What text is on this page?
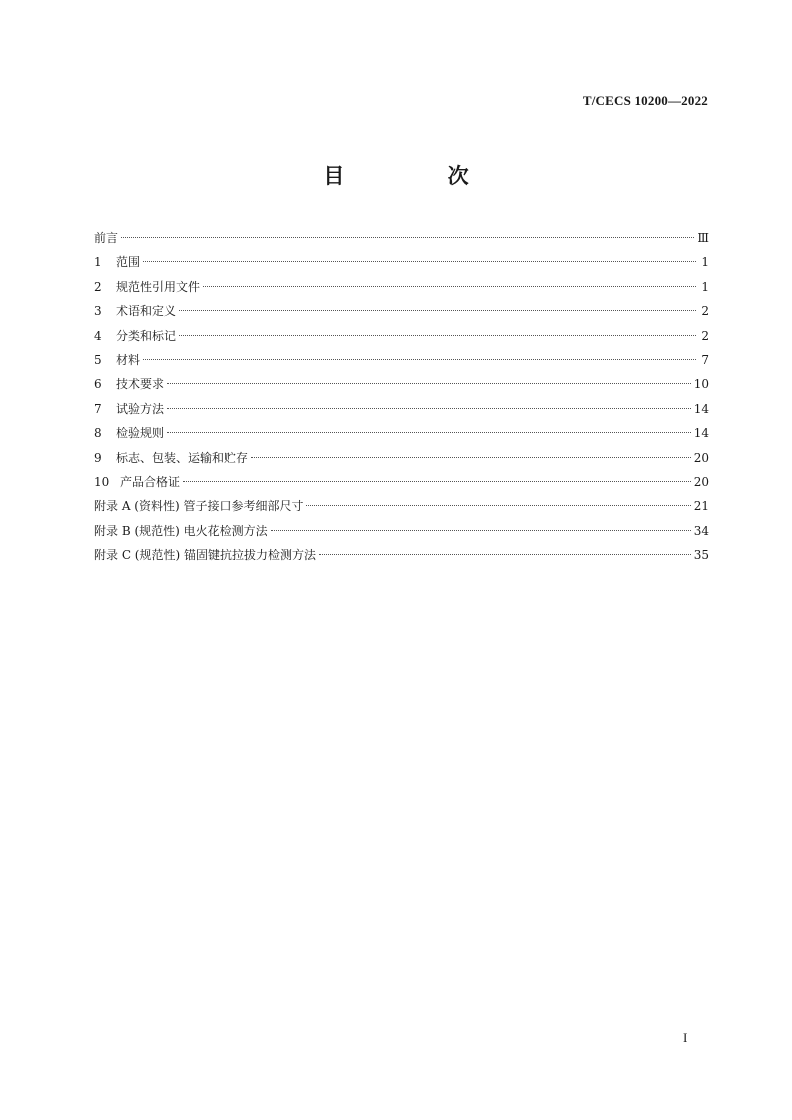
T/CECS 10200—2022
目 次
前言	Ⅲ
1	范围	1
2	规范性引用文件	1
3	术语和定义	2
4	分类和标记	2
5	材料	7
6	技术要求	10
7	试验方法	14
8	检验规则	14
9	标志、包装、运输和贮存	20
10 产品合格证	20
附录 A (资料性) 管子接口参考细部尺寸	21
附录 B (规范性) 电火花检测方法	34
附录 C (规范性) 锚固键抗拉拔力检测方法	35
I
